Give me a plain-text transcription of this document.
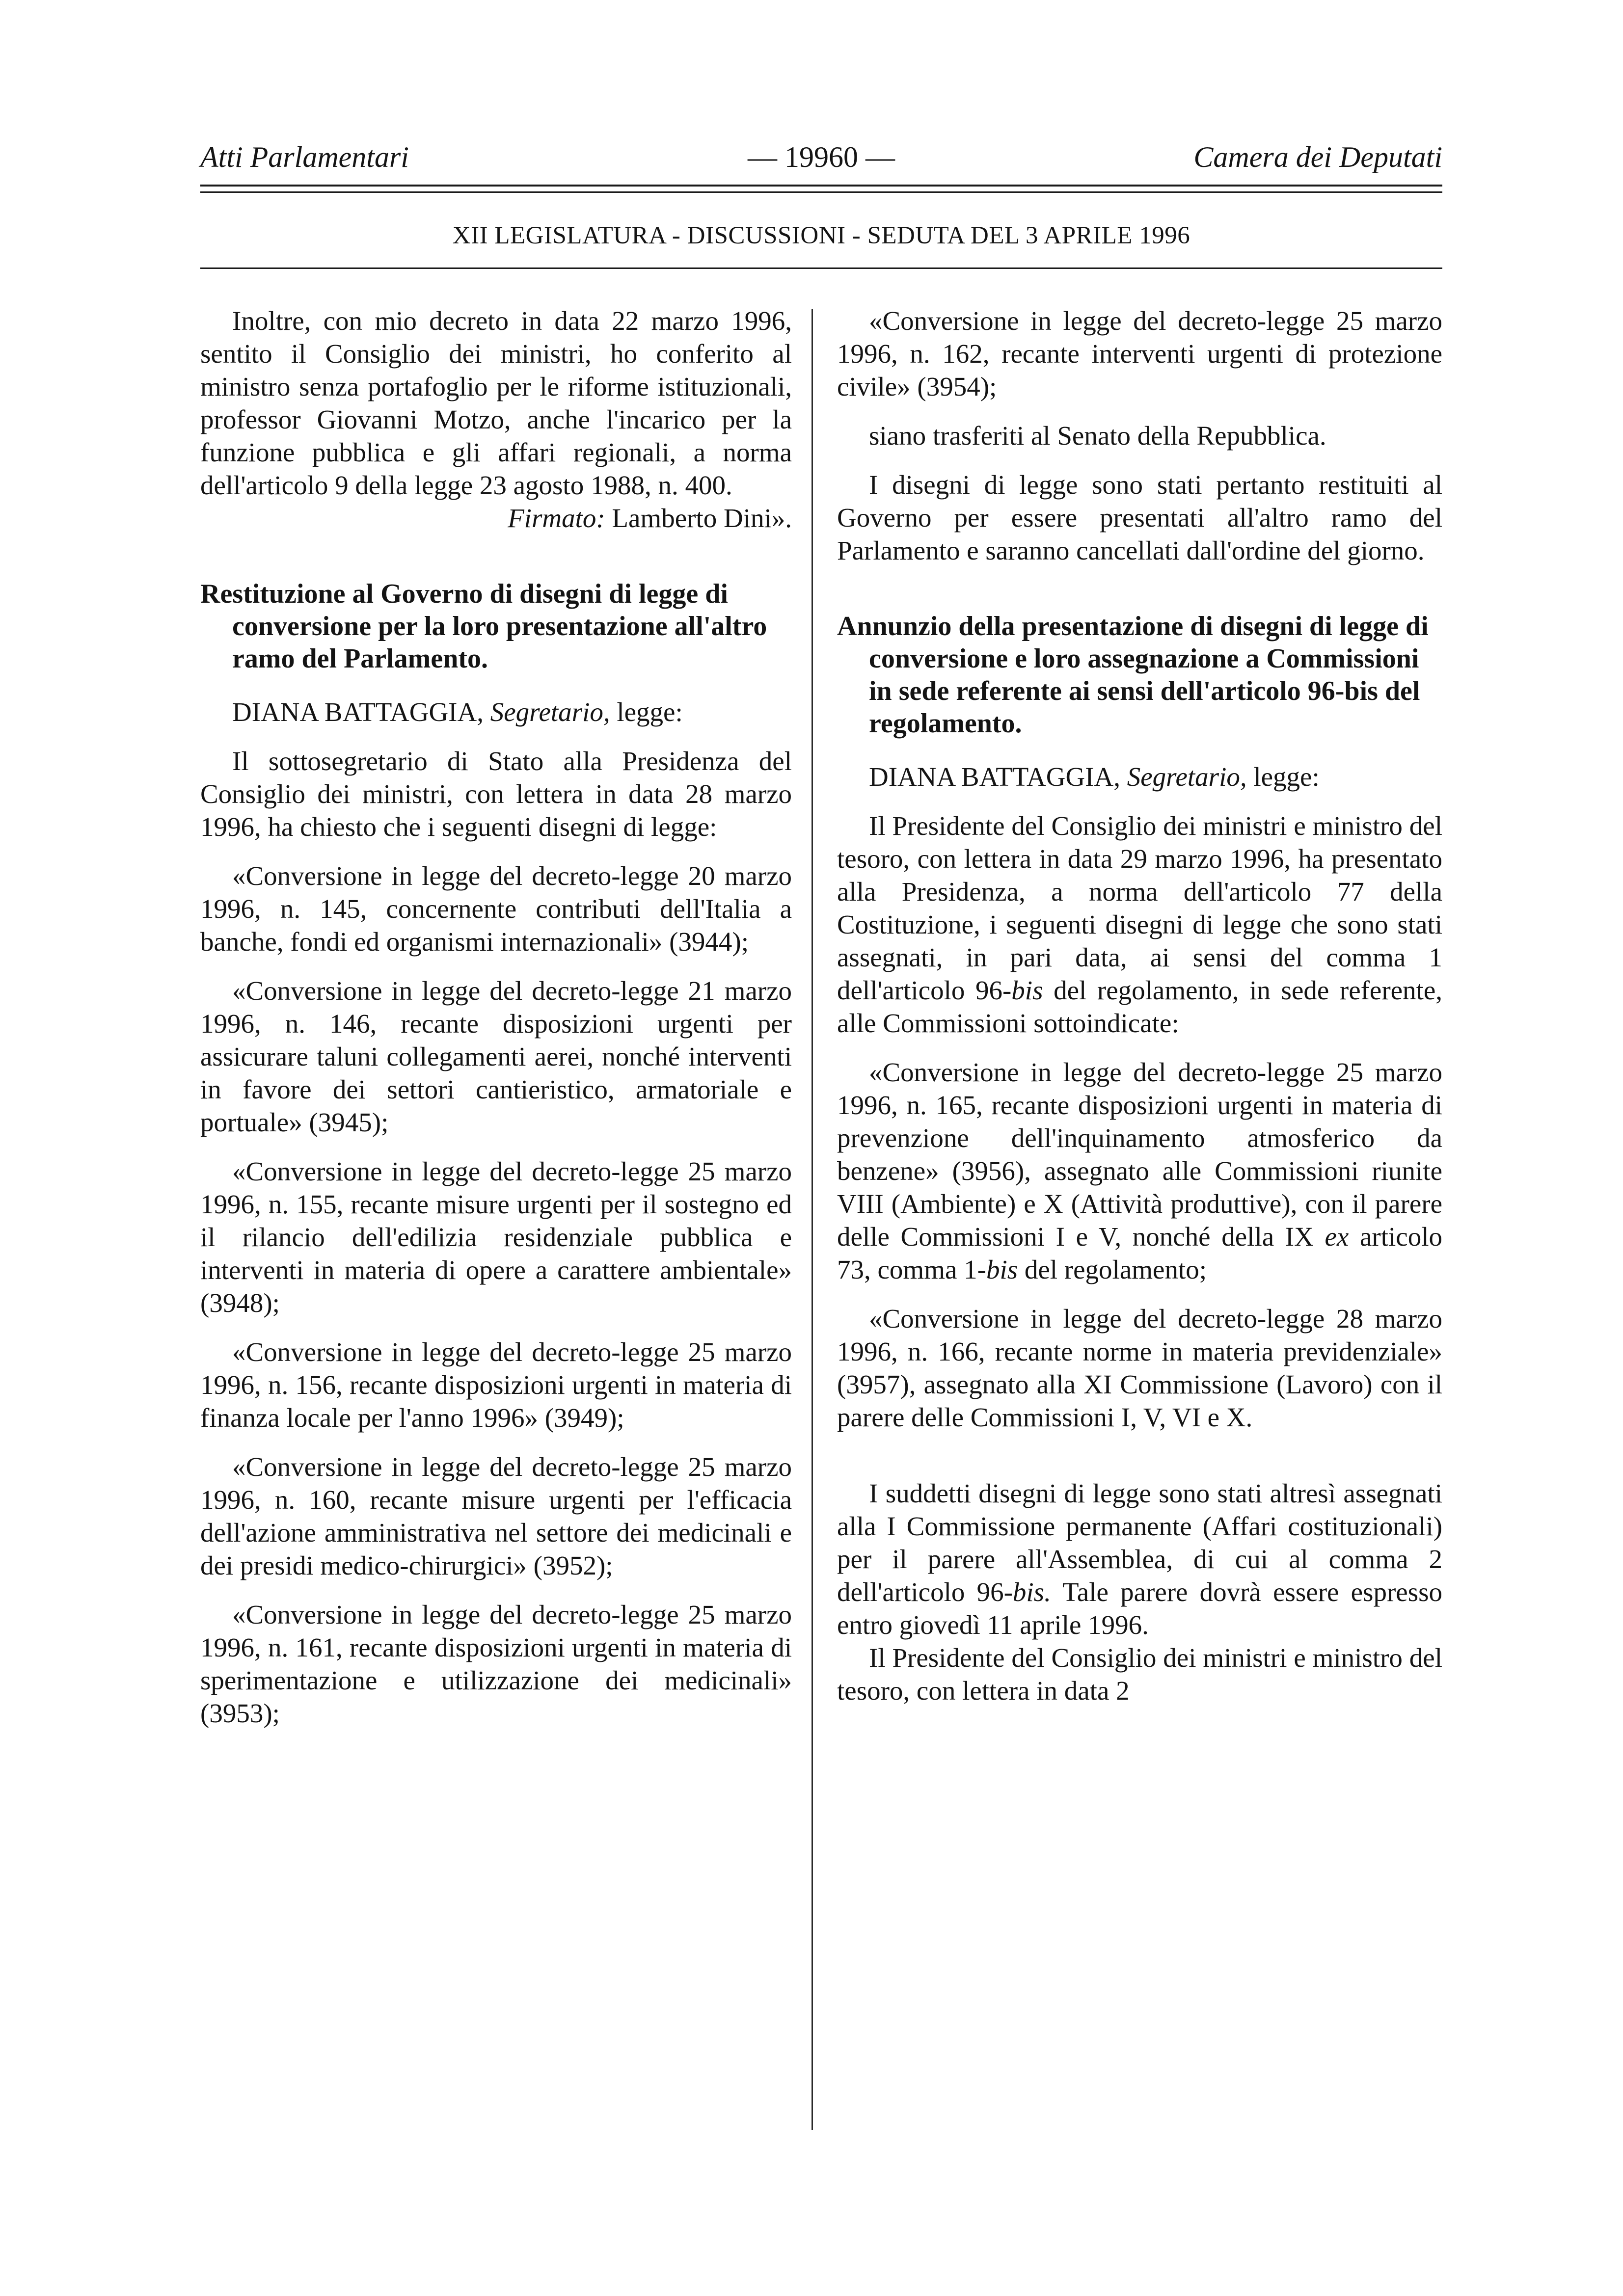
Atti Parlamentari	— 19960 —	Camera dei Deputati
XII LEGISLATURA - DISCUSSIONI - SEDUTA DEL 3 APRILE 1996

Inoltre, con mio decreto in data 22 marzo 1996, sentito il Consiglio dei ministri, ho conferito al ministro senza portafoglio per le riforme istituzionali, professor Giovanni Motzo, anche l'incarico per la funzione pubblica e gli affari regionali, a norma dell'articolo 9 della legge 23 agosto 1988, n. 400.

Firmato: Lamberto Dini».

Restituzione al Governo di disegni di legge di conversione per la loro presentazione all'altro ramo del Parlamento.

DIANA BATTAGGIA, Segretario, legge:

Il sottosegretario di Stato alla Presidenza del Consiglio dei ministri, con lettera in data 28 marzo 1996, ha chiesto che i seguenti disegni di legge:

«Conversione in legge del decreto-legge 20 marzo 1996, n. 145, concernente contributi dell'Italia a banche, fondi ed organismi internazionali» (3944);

«Conversione in legge del decreto-legge 21 marzo 1996, n. 146, recante disposizioni urgenti per assicurare taluni collegamenti aerei, nonché interventi in favore dei settori cantieristico, armatoriale e portuale» (3945);

«Conversione in legge del decreto-legge 25 marzo 1996, n. 155, recante misure urgenti per il sostegno ed il rilancio dell'edilizia residenziale pubblica e interventi in materia di opere a carattere ambientale» (3948);

«Conversione in legge del decreto-legge 25 marzo 1996, n. 156, recante disposizioni urgenti in materia di finanza locale per l'anno 1996» (3949);

«Conversione in legge del decreto-legge 25 marzo 1996, n. 160, recante misure urgenti per l'efficacia dell'azione amministrativa nel settore dei medicinali e dei presidi medico-chirurgici» (3952);

«Conversione in legge del decreto-legge 25 marzo 1996, n. 161, recante disposizioni urgenti in materia di sperimentazione e utilizzazione dei medicinali» (3953);

«Conversione in legge del decreto-legge 25 marzo 1996, n. 162, recante interventi urgenti di protezione civile» (3954);

siano trasferiti al Senato della Repubblica.

I disegni di legge sono stati pertanto restituiti al Governo per essere presentati all'altro ramo del Parlamento e saranno cancellati dall'ordine del giorno.

Annunzio della presentazione di disegni di legge di conversione e loro assegnazione a Commissioni in sede referente ai sensi dell'articolo 96-bis del regolamento.

DIANA BATTAGGIA, Segretario, legge:

Il Presidente del Consiglio dei ministri e ministro del tesoro, con lettera in data 29 marzo 1996, ha presentato alla Presidenza, a norma dell'articolo 77 della Costituzione, i seguenti disegni di legge che sono stati assegnati, in pari data, ai sensi del comma 1 dell'articolo 96-bis del regolamento, in sede referente, alle Commissioni sottoindicate:

«Conversione in legge del decreto-legge 25 marzo 1996, n. 165, recante disposizioni urgenti in materia di prevenzione dell'inquinamento atmosferico da benzene» (3956), assegnato alle Commissioni riunite VIII (Ambiente) e X (Attività produttive), con il parere delle Commissioni I e V, nonché della IX ex articolo 73, comma 1-bis del regolamento;

«Conversione in legge del decreto-legge 28 marzo 1996, n. 166, recante norme in materia previdenziale» (3957), assegnato alla XI Commissione (Lavoro) con il parere delle Commissioni I, V, VI e X.

I suddetti disegni di legge sono stati altresì assegnati alla I Commissione permanente (Affari costituzionali) per il parere all'Assemblea, di cui al comma 2 dell'articolo 96-bis. Tale parere dovrà essere espresso entro giovedì 11 aprile 1996.

Il Presidente del Consiglio dei ministri e ministro del tesoro, con lettera in data 2
